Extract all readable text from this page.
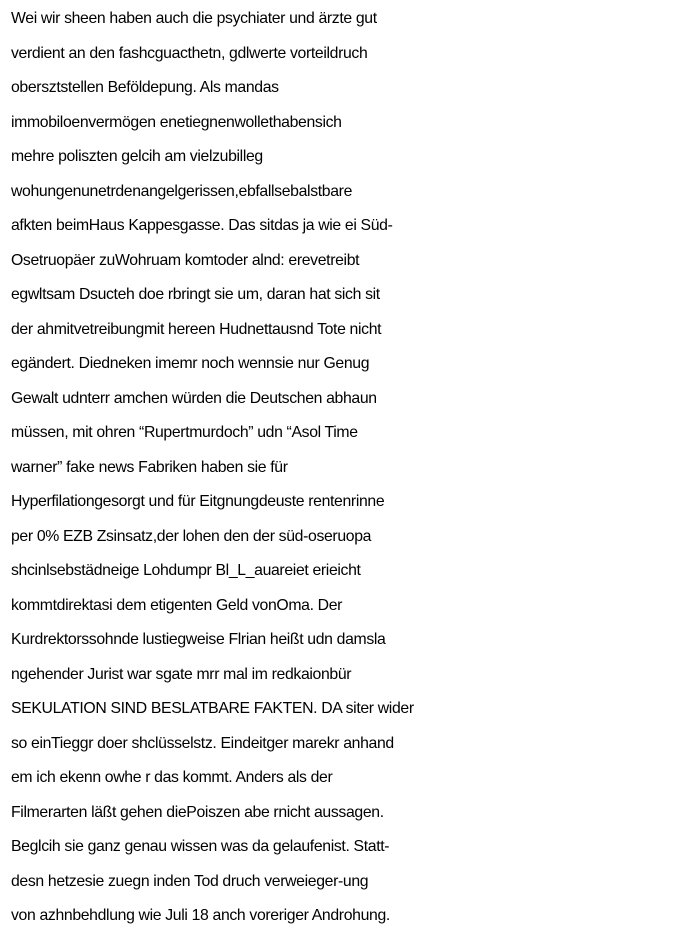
Wei wir sheen haben auch die psychiater und ärzte gut
verdient an den fashcguacthetn, gdlwerte vorteildruch
obersztstellen Beföldерung. Als mandas
immobiloenvermögen enetiegnenwollethabensich
mehre poliszten gelcih am vielzubilleg
wohungenunetrdenangelgerissen,ebfallsebalstbare
afkten beimHaus Kappesgasse. Das sitdas ja wie ei Süd-
Osetruopäer zuWohruam komtoder alnd: erevetreibt
egwltsam Dsucteh doe rbringt sie um, daran hat sich sit
der ahmitvetreibungmit hereen Hudnettausnd Tote nicht
egändert. Diedneken imemr noch wennsie nur Genug
Gewalt udnterr amchen würden die Deutschen abhaun
müssen, mit ohren “Rupertmurdoch” udn “Asol Time
warner” fake news Fabriken haben sie für
Hyperfilationgesorgt und für Eitgnungdeuste rentenrinne
per 0% EZB Zsinsatz,der lohen den der süd-oseruopa
shcinlsebstädneige Lohdumpr Bl_L_auareiet erieicht
kommtdirektasi dem etigenten Geld vonOma. Der
Kurdrektorssohnde lustiegweise Flrian heißt udn damsla
ngehender Jurist war sgate mrr mal im redkaionbür
SEKULATION SIND BESLATBARE FAKTEN. DA siter wider
so einTieggr doer shclüsselstz. Eindeitger marekr anhand
em ich ekenn owhe r das kommt. Anders als der
Filmerarten läßt gehen diePoiszen abe rnicht aussagen.
Beglcih sie ganz genau wissen was da gelaufenist. Statt-
desn hetzesie zuegn inden Tod druch verweieger-ung
von azhnbehdlung wie Juli 18 anch voreriger Androhung.
